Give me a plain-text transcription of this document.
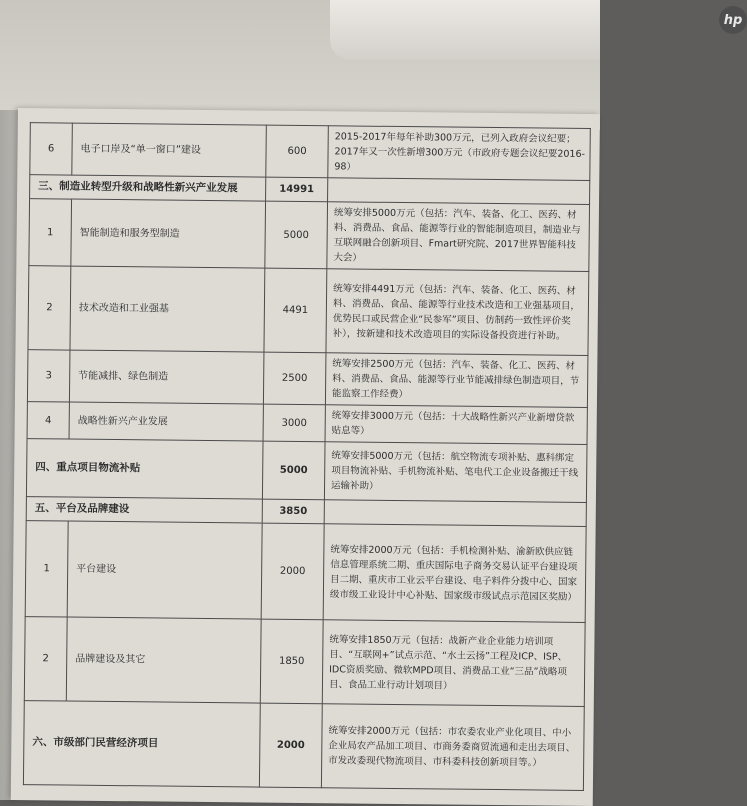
hp
6	电子口岸及“单一窗口”建设	600	2015-2017年每年补助300万元，已列入政府会议纪要；2017年又一次性新增300万元（市政府专题会议纪要2016-98）
三、制造业转型升级和战略性新兴产业发展		14991	
1	智能制造和服务型制造	5000	统筹安排5000万元（包括：汽车、装备、化工、医药、材料、消费品、食品、能源等行业的智能制造项目，制造业与互联网融合创新项目、Fmart研究院、2017世界智能科技大会）
2	技术改造和工业强基	4491	统筹安排4491万元（包括：汽车、装备、化工、医药、材料、消费品、食品、能源等行业技术改造和工业强基项目，优势民口或民营企业“民参军”项目、仿制药一致性评价奖补），按新建和技术改造项目的实际设备投资进行补助。
3	节能减排、绿色制造	2500	统筹安排2500万元（包括：汽车、装备、化工、医药、材料、消费品、食品、能源等行业节能减排绿色制造项目，节能监察工作经费）
4	战略性新兴产业发展	3000	统筹安排3000万元（包括：十大战略性新兴产业新增贷款贴息等）
四、重点项目物流补贴		5000	统筹安排5000万元（包括：航空物流专项补贴、惠科绑定项目物流补贴、手机物流补贴、笔电代工企业设备搬迁干线运输补助）
五、平台及品牌建设		3850	
1	平台建设	2000	统筹安排2000万元（包括：手机检测补贴、渝新欧供应链信息管理系统二期、重庆国际电子商务交易认证平台建设项目二期、重庆市工业云平台建设、电子料件分拨中心、国家级市级工业设计中心补贴、国家级市级试点示范园区奖励）
2	品牌建设及其它	1850	统筹安排1850万元（包括：战新产业企业能力培训项目、“互联网+”试点示范、“水土云扬”工程及ICP、ISP、IDC资质奖励、微软MPD项目、消费品工业“三品”战略项目、食品工业行动计划项目）
六、市级部门民营经济项目		2000	统筹安排2000万元（包括：市农委农业产业化项目、中小企业局农产品加工项目、市商务委商贸流通和走出去项目、市发改委现代物流项目、市科委科技创新项目等。）
